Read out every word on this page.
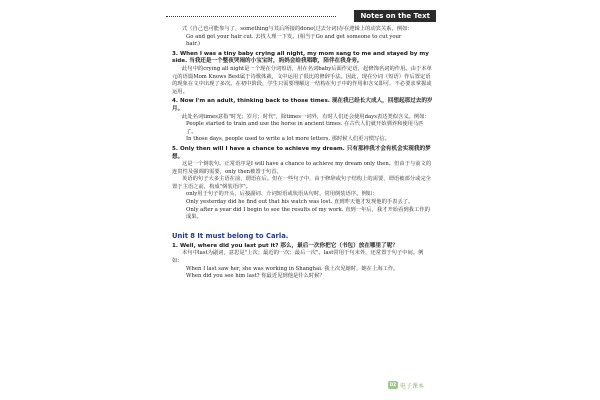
Notes on the Text

式（自己也可能参与了，something与其后所接的done(过去分词)存在逻辑上的动宾关系。例如：

Go and get your hair cut. 去找人理一下发。(相当于Go and get someone to cut your

hair.)

3. When I was a tiny baby crying all night, my mom sang to me and stayed by my side. 当我还是一个整夜哭闹的小宝宝时，妈妈会给我唱歌，陪伴在我身旁。

此句中的crying all night是一个现在分词短语，用在名词baby后面作定语，起修饰名词的作用。由于本单元的语篇Mom Knows Best属于诗歌体裁，文中运用了很比的修辞手法。因此，现在分词（短语）作后置定语的现象在文中出现了多次。在初中阶段，学生只需要理解这一结构在句子中的作用和含义即可，不必要求掌握或运用。

4. Now I'm an adult, thinking back to those times. 现在我已经长大成人，回想起那过去的岁月。

此处名词times意指"时光；岁月；时代"，除times一词外，有时人们还会使用days表达类似含义。例如：

People started to train and use the horse in ancient times. 在古代人们就开始驯养和使用马匹了。

In those days, people used to write a lot more letters. 那时候人们更习惯写信。

5. Only then will I have a chance to achieve my dream. 只有那样我才会有机会实现我的梦想。

这是一个倒装句。正常语序是I will have a chance to achieve my dream only then。但由于与前文的连贯性及强调的需要，only then被置于句首。

英语的句子大多主语在前，谓语在后。但在一些句子中，由于修辞或句子结构上的需要，谓语被部分或完全置于主语之前，构成"倒装语序"。

only用于句子的开头，后接副词、介词短语或状语从句时，常用倒装语序。例如：

Only yesterday did he find out that his watch was lost. 直到昨天他才发现他的手表丢了。

Only after a year did I begin to see the results of my work. 直到一年后，我才开始看到我工作的成果。

Unit 8 It must belong to Carla.

1. Well, where did you last put it? 那么，最后一次你把它（书包）放在哪里了呢？

本句中last为副词，意思是"上次；最近的一次；最后一次"。last常用于句末外，还常置于句子中间。例如：

When I last saw her, she was working in Shanghai. 我上次见她时，她在上海工作。

When did you see him last? 你最近见到他是什么时候？

DZ 电子课本
